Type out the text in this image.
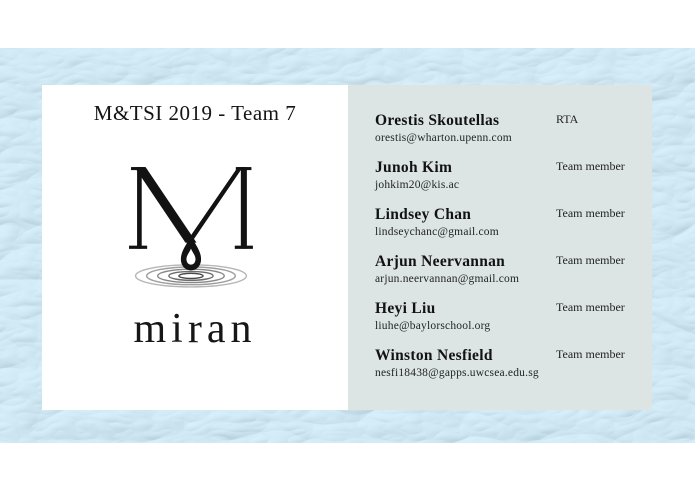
M&TSI 2019 - Team 7
miran
Orestis Skoutellas
orestis@wharton.upenn.com
RTA
Junoh Kim
johkim20@kis.ac
Team member
Lindsey Chan
lindseychanc@gmail.com
Team member
Arjun Neervannan
arjun.neervannan@gmail.com
Team member
Heyi Liu
liuhe@baylorschool.org
Team member
Winston Nesfield
nesfi18438@gapps.uwcsea.edu.sg
Team member
